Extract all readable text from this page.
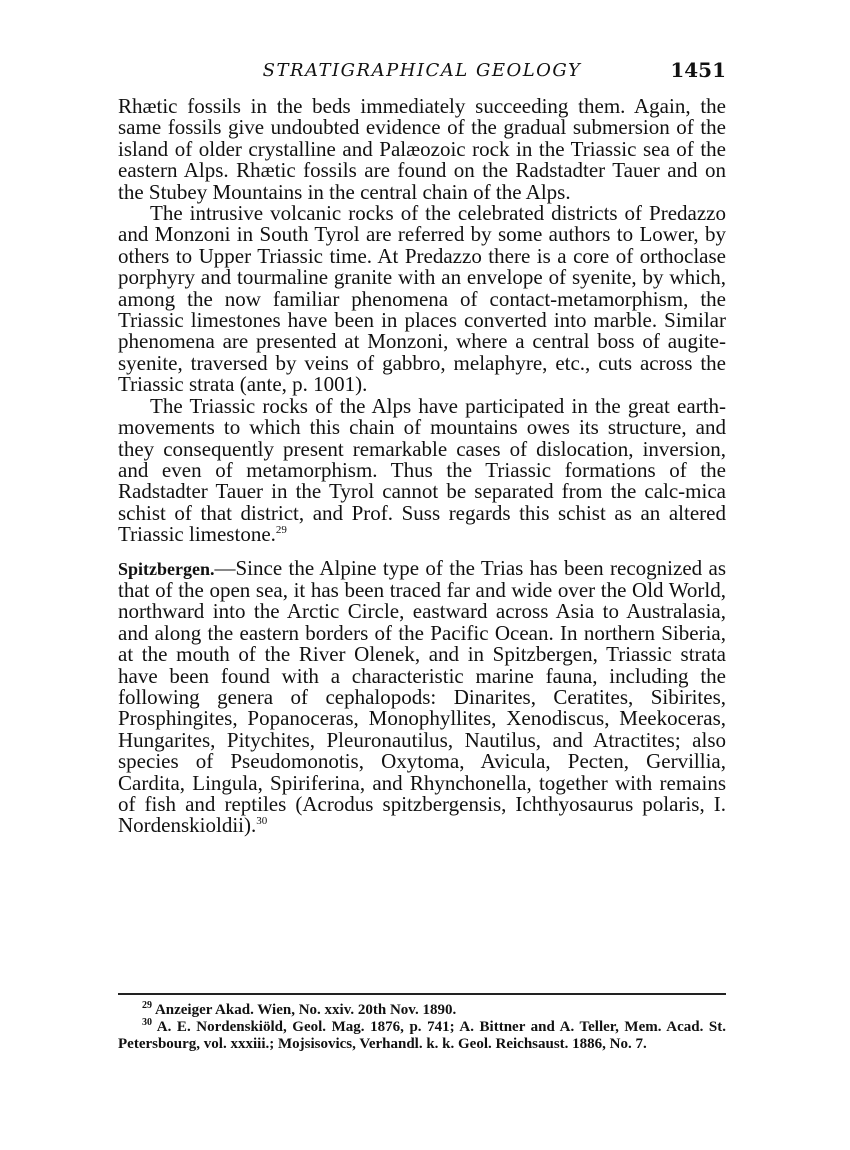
STRATIGRAPHICAL GEOLOGY	1451

Rhætic fossils in the beds immediately succeeding them. Again, the same fossils give undoubted evidence of the gradual submersion of the island of older crystalline and Palæozoic rock in the Triassic sea of the eastern Alps. Rhætic fossils are found on the Radstadter Tauer and on the Stubey Mountains in the central chain of the Alps.

The intrusive volcanic rocks of the celebrated districts of Predazzo and Monzoni in South Tyrol are referred by some authors to Lower, by others to Upper Triassic time. At Predazzo there is a core of orthoclase porphyry and tourmaline granite with an envelope of syenite, by which, among the now familiar phenomena of contact-metamorphism, the Triassic limestones have been in places converted into marble. Similar phenomena are presented at Monzoni, where a central boss of augite-syenite, traversed by veins of gabbro, melaphyre, etc., cuts across the Triassic strata (ante, p. 1001).

The Triassic rocks of the Alps have participated in the great earth-movements to which this chain of mountains owes its structure, and they consequently present remarkable cases of dislocation, inversion, and even of metamorphism. Thus the Triassic formations of the Radstadter Tauer in the Tyrol cannot be separated from the calc-mica schist of that district, and Prof. Suss regards this schist as an altered Triassic limestone.$^{29}$

Spitzbergen.—Since the Alpine type of the Trias has been recognized as that of the open sea, it has been traced far and wide over the Old World, northward into the Arctic Circle, eastward across Asia to Australasia, and along the eastern borders of the Pacific Ocean. In northern Siberia, at the mouth of the River Olenek, and in Spitzbergen, Triassic strata have been found with a characteristic marine fauna, including the following genera of cephalopods: Dinarites, Ceratites, Sibirites, Prosphingites, Popanoceras, Monophyllites, Xenodiscus, Meekoceras, Hungarites, Pitychites, Pleuronautilus, Nautilus, and Atractites; also species of Pseudomonotis, Oxytoma, Avicula, Pecten, Gervillia, Cardita, Lingula, Spiriferina, and Rhynchonella, together with remains of fish and reptiles (Acrodus spitzbergensis, Ichthyosaurus polaris, I. Nordenskioldii).$^{30}$

$^{29}$ Anzeiger Akad. Wien, No. xxiv. 20th Nov. 1890.

$^{30}$ A. E. Nordenskiöld, Geol. Mag. 1876, p. 741; A. Bittner and A. Teller, Mem. Acad. St. Petersbourg, vol. xxxiii.; Mojsisovics, Verhandl. k. k. Geol. Reichsaust. 1886, No. 7.
